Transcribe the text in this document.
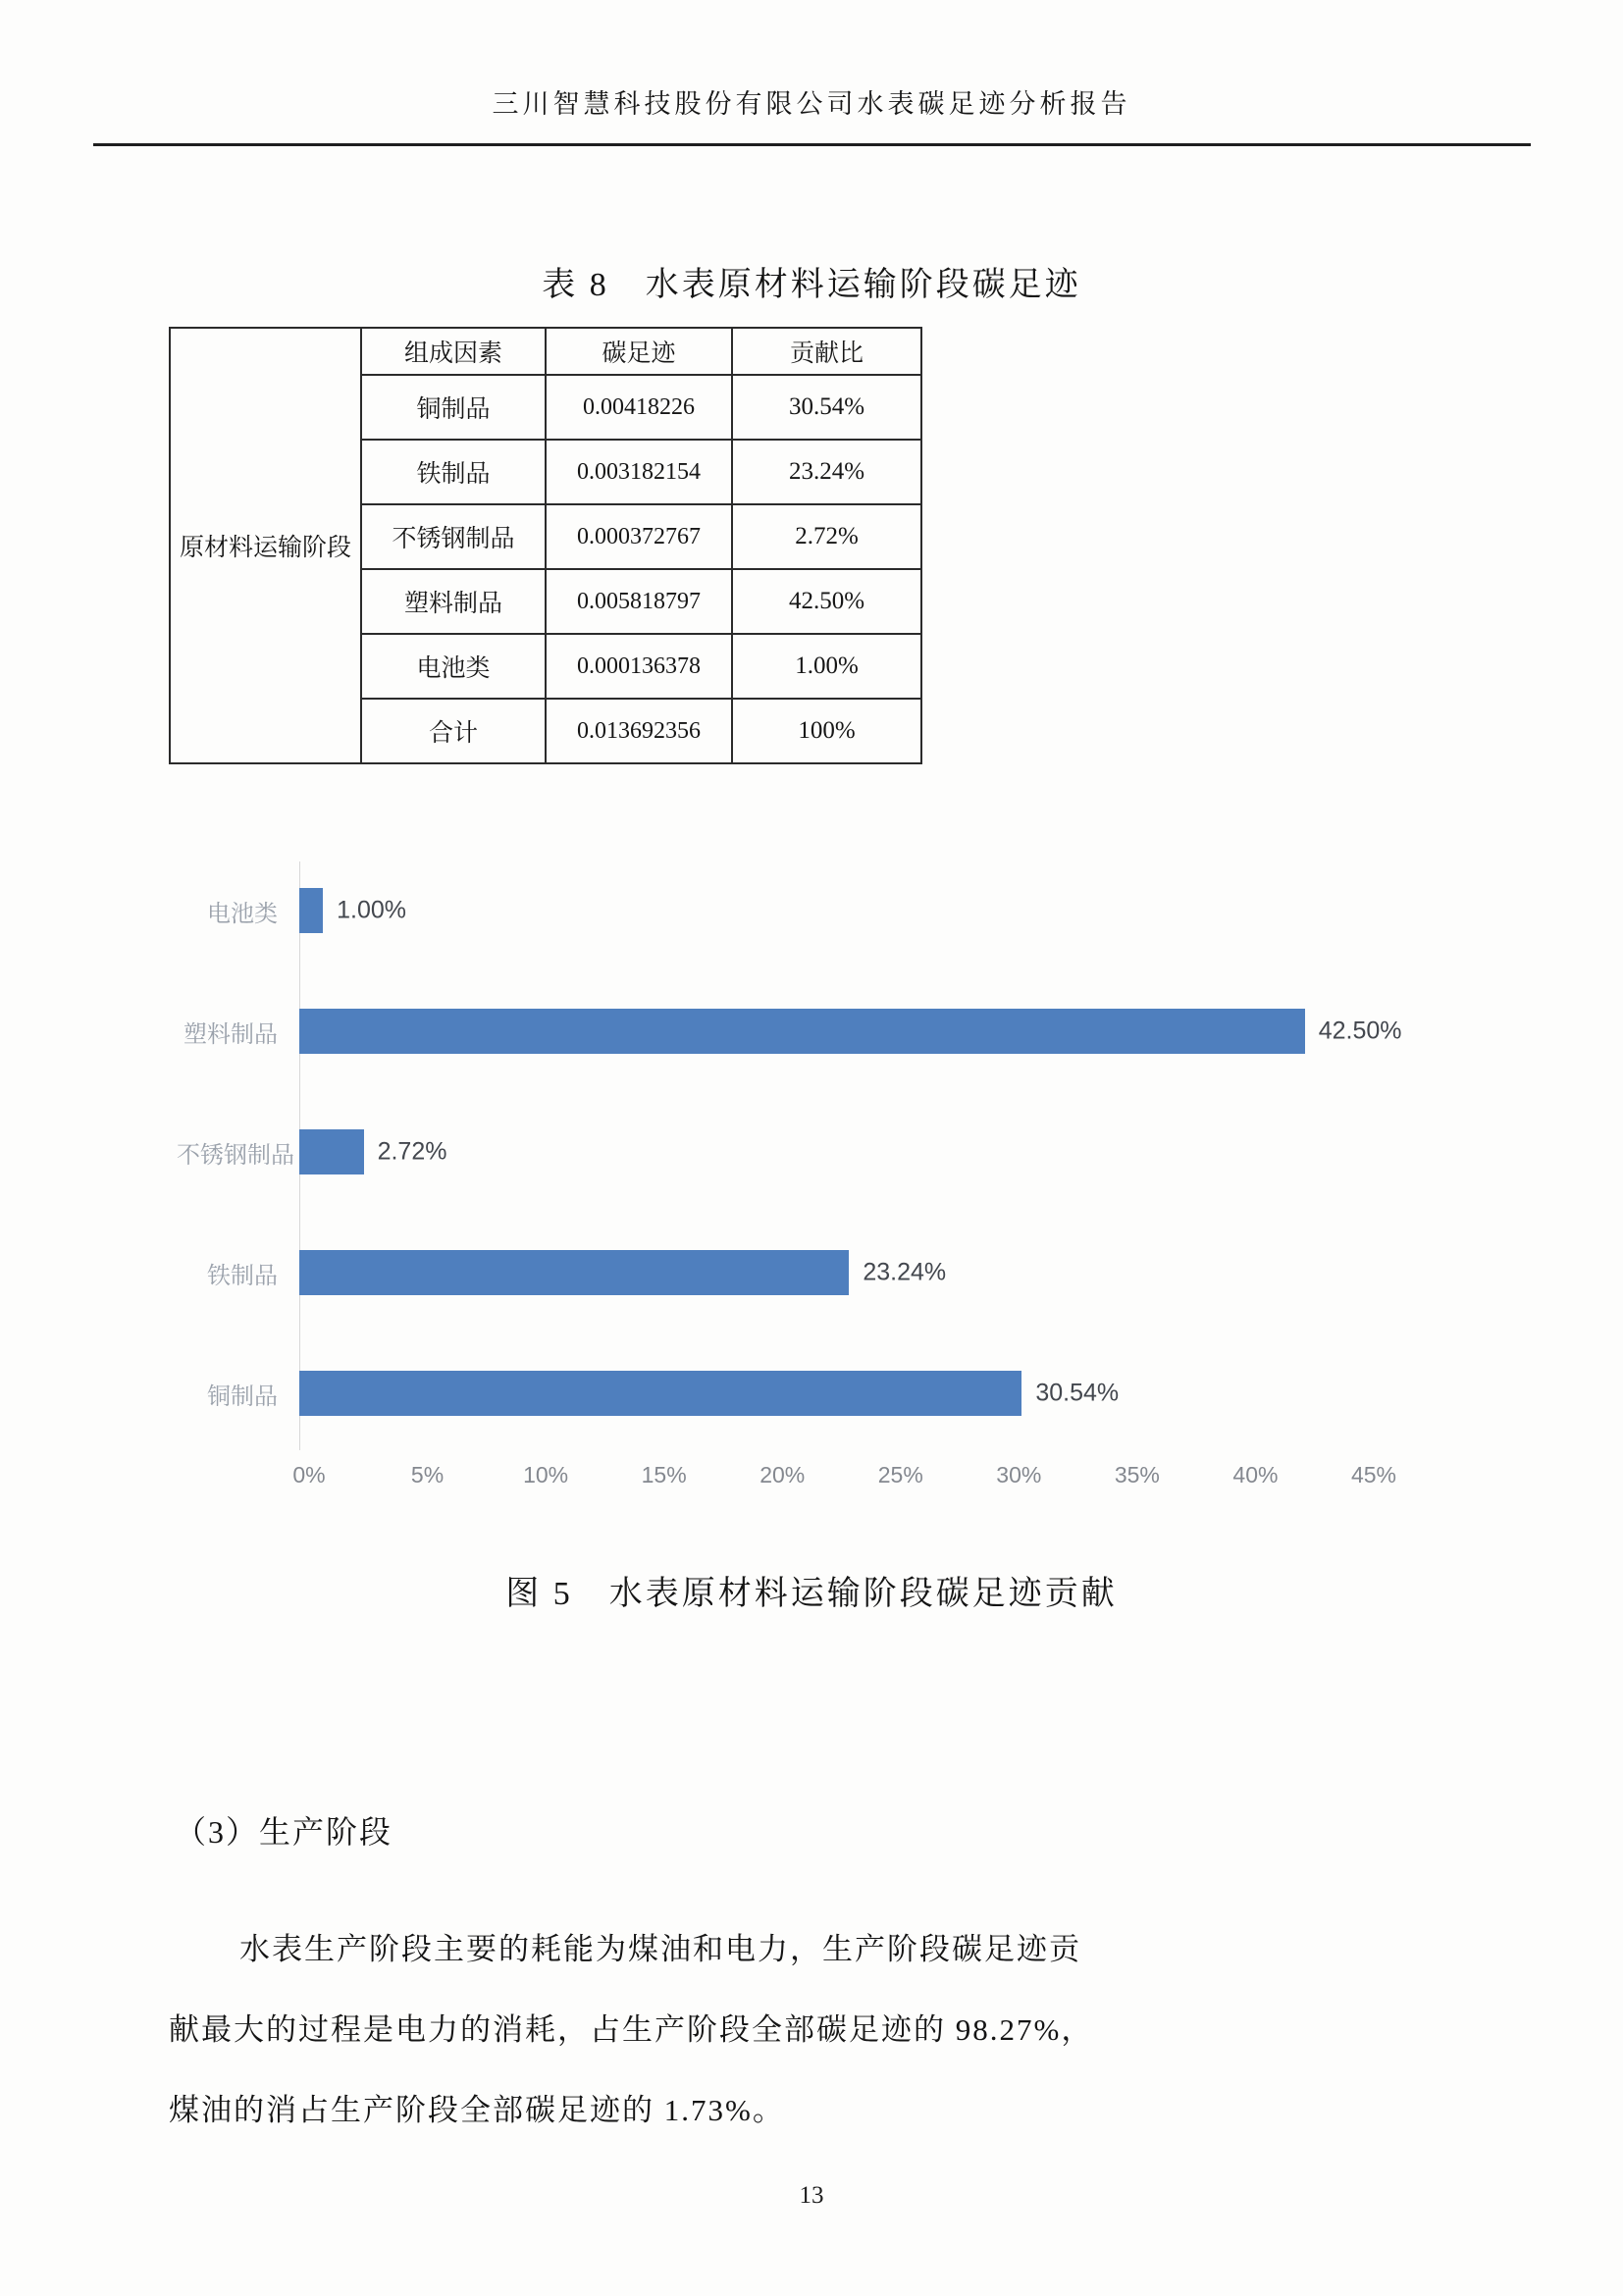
三川智慧科技股份有限公司水表碳足迹分析报告
表 8　水表原材料运输阶段碳足迹
原材料运输阶段	组成因素	碳足迹	贡献比
	铜制品	0.00418226	30.54%
	铁制品	0.003182154	23.24%
	不锈钢制品	0.000372767	2.72%
	塑料制品	0.005818797	42.50%
	电池类	0.000136378	1.00%
	合计	0.013692356	100%
电池类	1.00%
塑料制品	42.50%
不锈钢制品	2.72%
铁制品	23.24%
铜制品	30.54%
0%	5%	10%	15%	20%	25%	30%	35%	40%	45%
图 5　水表原材料运输阶段碳足迹贡献
（3）生产阶段
水表生产阶段主要的耗能为煤油和电力，生产阶段碳足迹贡
献最大的过程是电力的消耗，占生产阶段全部碳足迹的 98.27%，
煤油的消占生产阶段全部碳足迹的 1.73%。
13
